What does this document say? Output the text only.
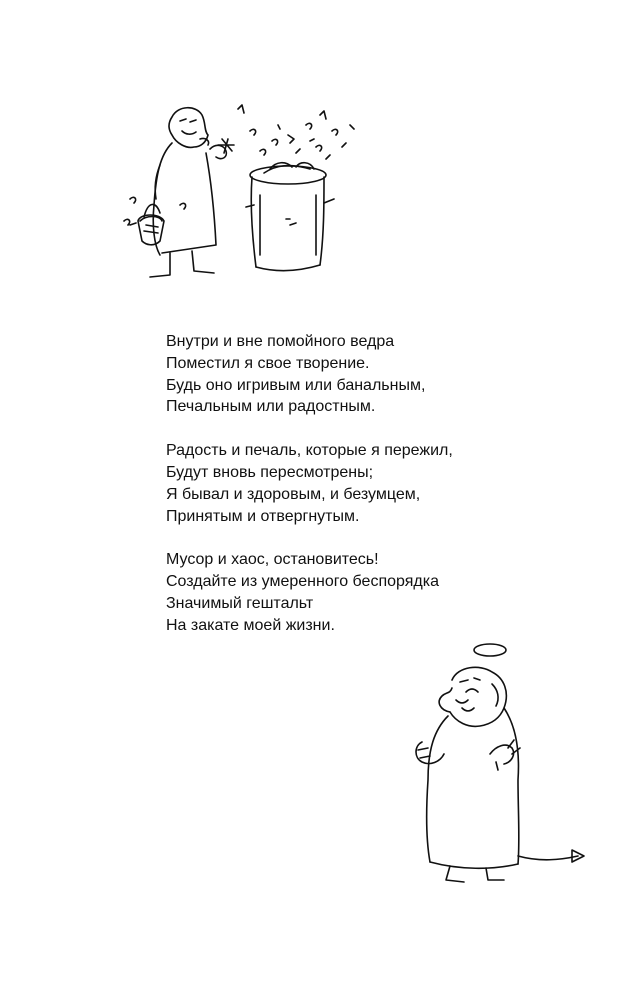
Внутри и вне помойного ведра
Поместил я свое творение.
Будь оно игривым или банальным,
Печальным или радостным.
Радость и печаль, которые я пережил,
Будут вновь пересмотрены;
Я бывал и здоровым, и безумцем,
Принятым и отвергнутым.
Мусор и хаос, остановитесь!
Создайте из умеренного беспорядка
Значимый гештальт
На закате моей жизни.
